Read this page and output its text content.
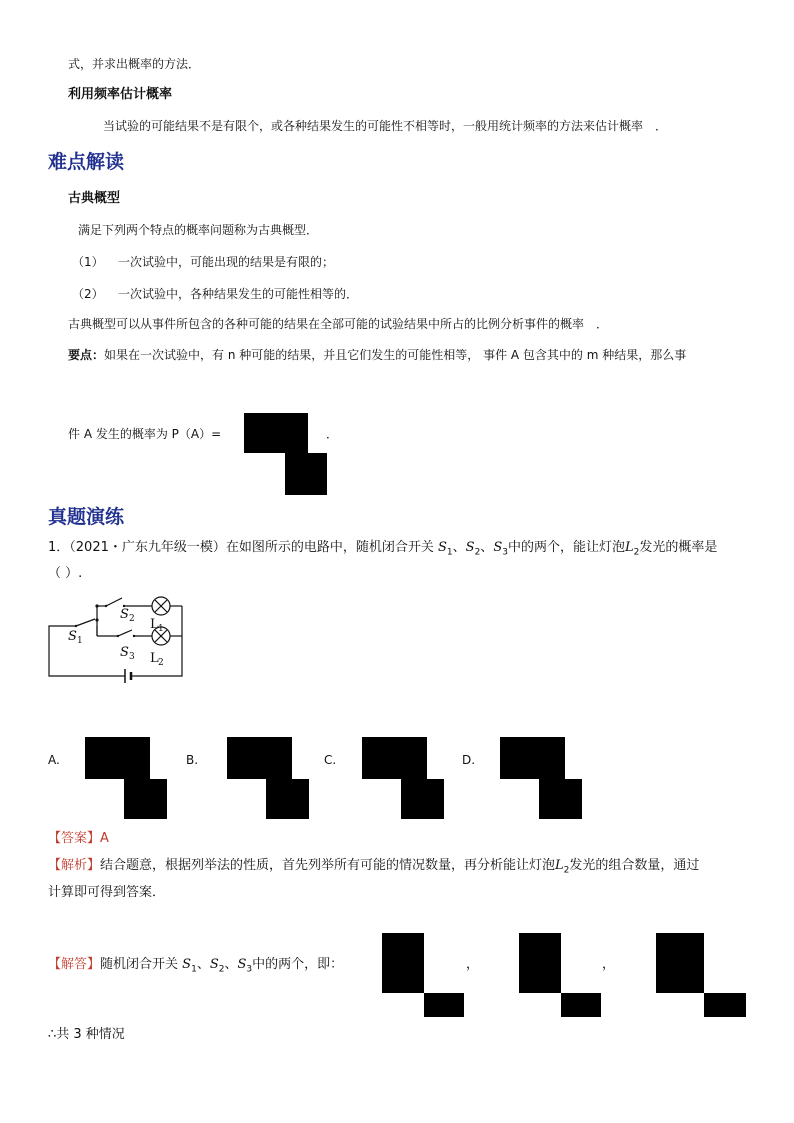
式，并求出概率的方法．
利用频率估计概率
当试验的可能结果不是有限个，或各种结果发生的可能性不相等时，一般用统计频率的方法来估计概率　．
难点解读
古典概型
满足下列两个特点的概率问题称为古典概型．
（1） 一次试验中，可能出现的结果是有限的；
（2） 一次试验中，各种结果发生的可能性相等的．
古典概型可以从事件所包含的各种可能的结果在全部可能的试验结果中所占的比例分析事件的概率　．
要点：如果在一次试验中，有 n 种可能的结果，并且它们发生的可能性相等， 事件 A 包含其中的 m 种结果，那么事
件 A 发生的概率为 P（A）=	．
真题演练
1．（2021・广东九年级一模）在如图所示的电路中，随机闭合开关 $S_1$、$S_2$、$S_3$中的两个，能让灯泡$L_2$发光的概率是
（ ）.
S 1
S 2
S 3
L 1
L 2
A.	B.	C.	D.
【答案】A
【解析】结合题意，根据列举法的性质，首先列举所有可能的情况数量，再分析能让灯泡$L_2$发光的组合数量，通过
计算即可得到答案．
【解答】随机闭合开关 $S_1$、$S_2$、$S_3$中的两个，即：	，	，
∴共 3 种情况
